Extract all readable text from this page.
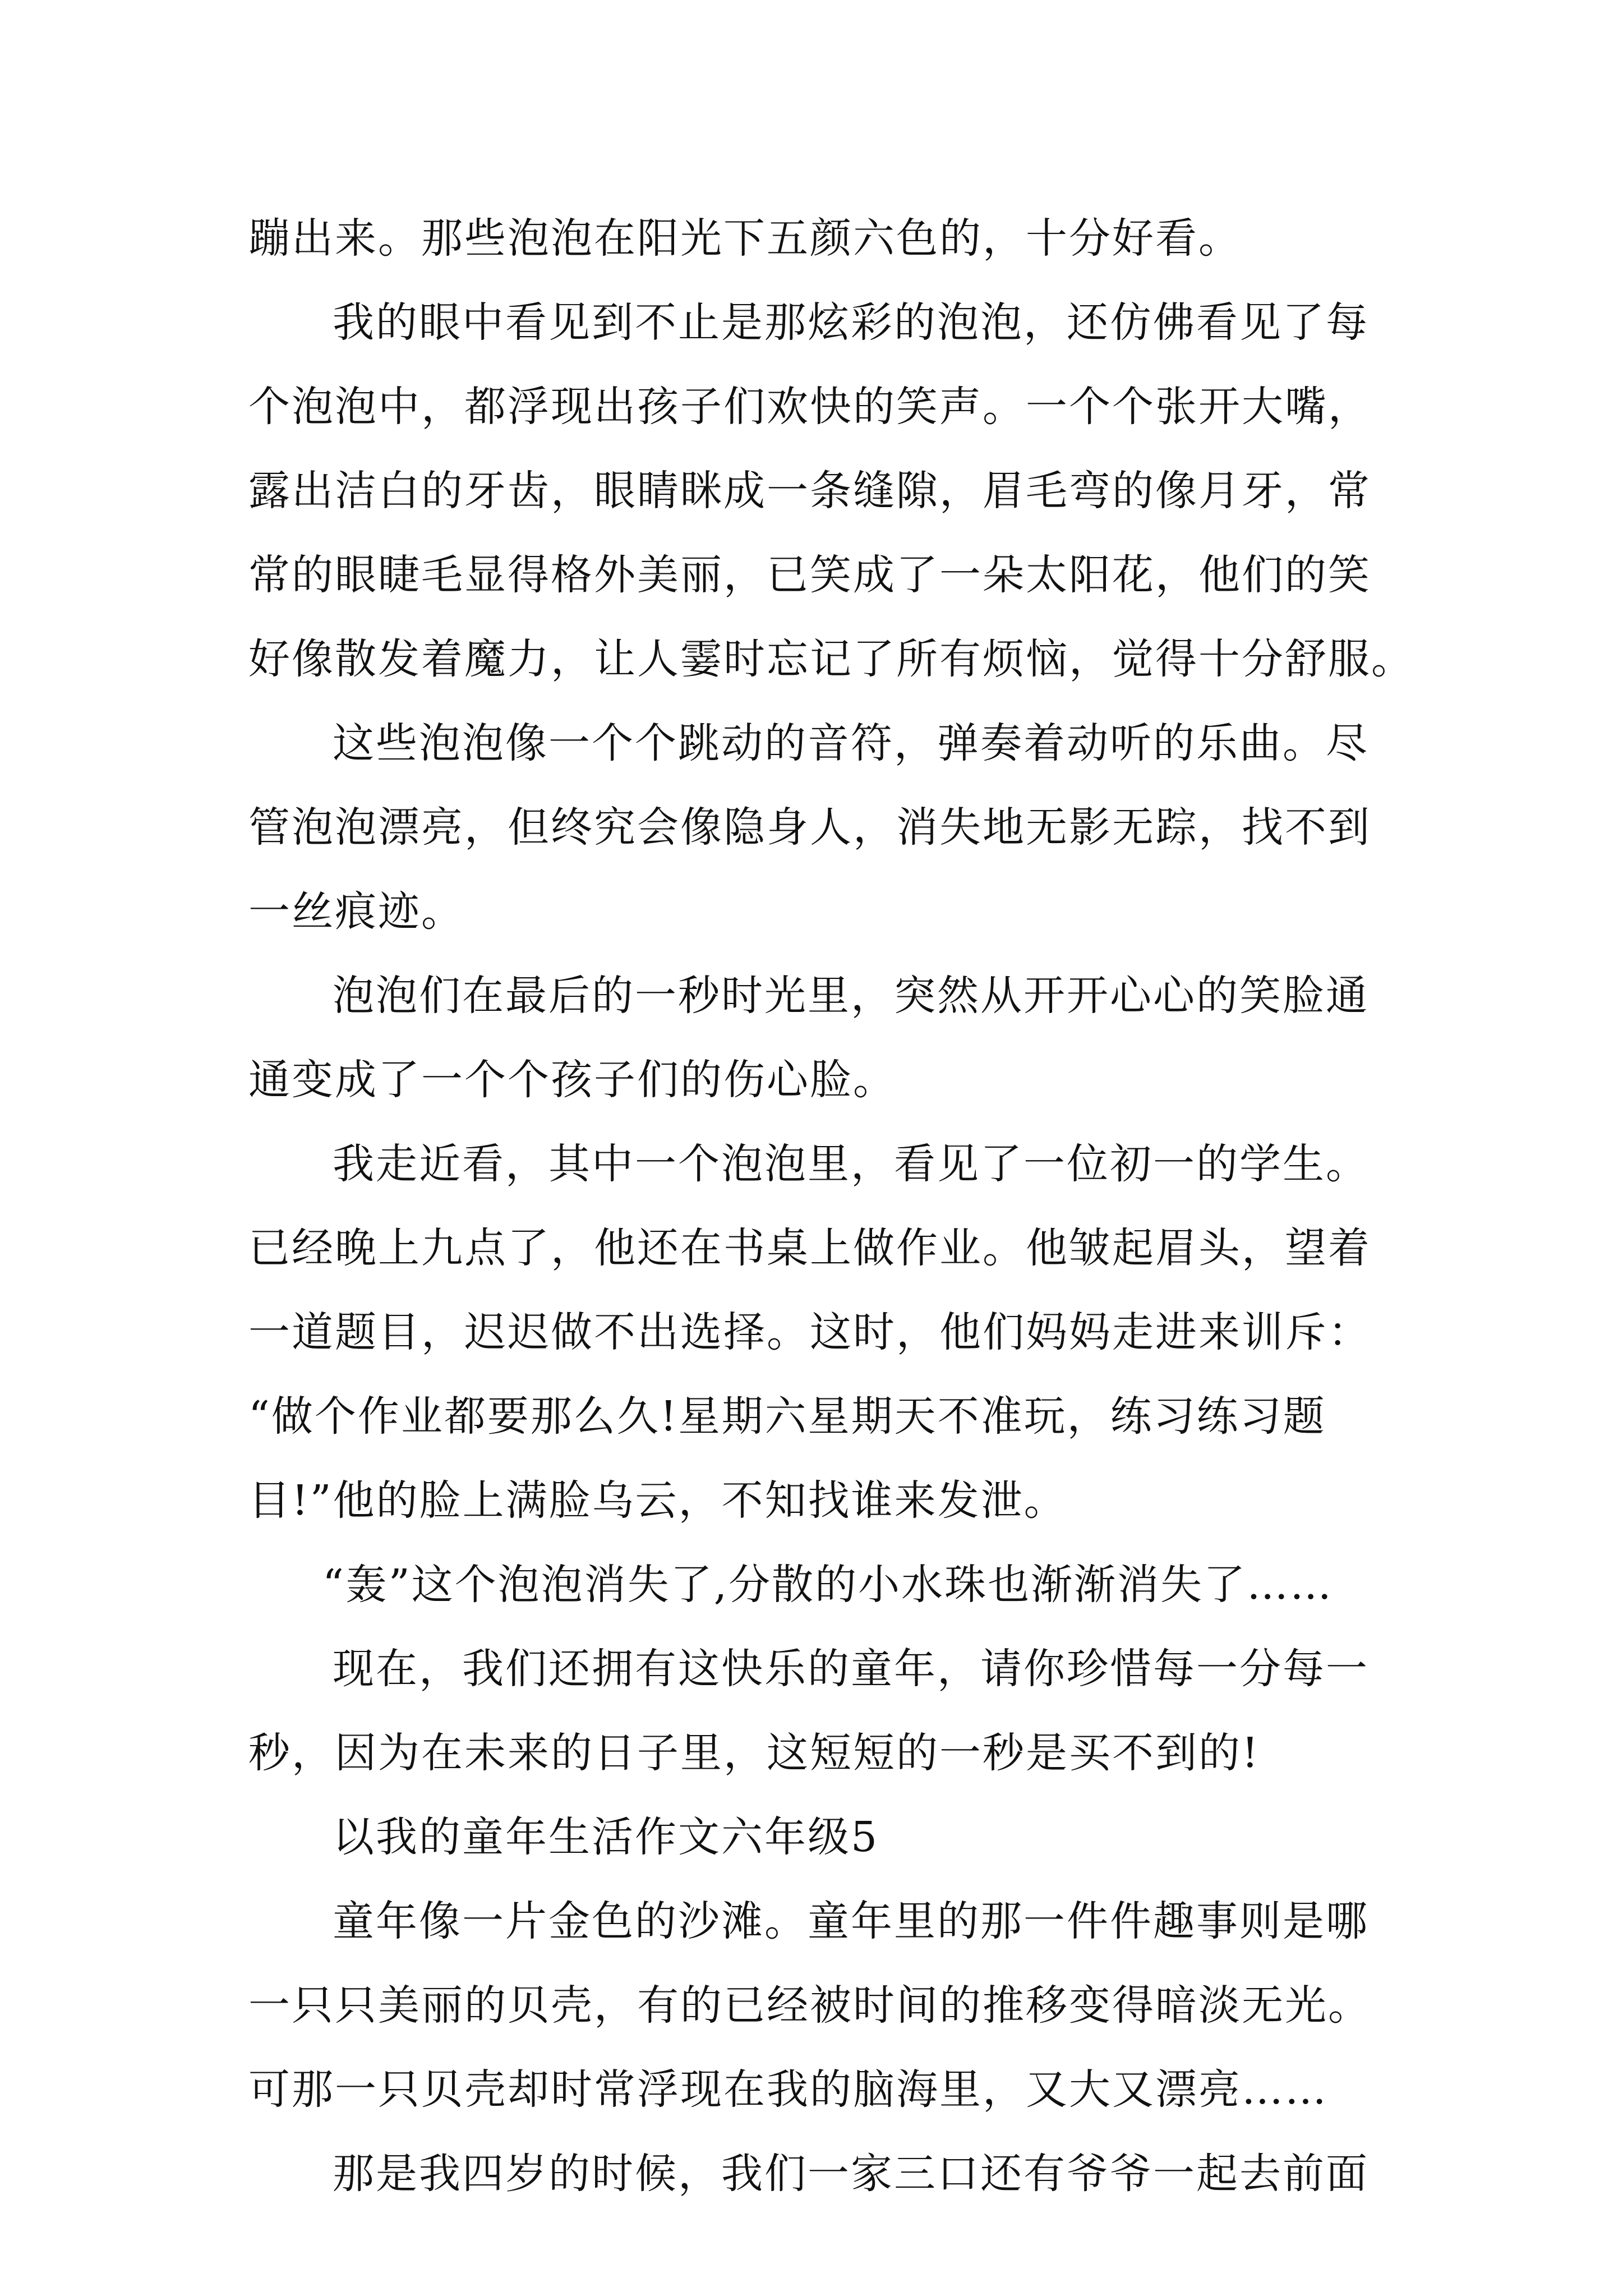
蹦出来。那些泡泡在阳光下五颜六色的，十分好看。
我的眼中看见到不止是那炫彩的泡泡，还仿佛看见了每
个泡泡中，都浮现出孩子们欢快的笑声。一个个张开大嘴，
露出洁白的牙齿，眼睛眯成一条缝隙，眉毛弯的像月牙，常
常的眼睫毛显得格外美丽，已笑成了一朵太阳花，他们的笑
好像散发着魔力，让人霎时忘记了所有烦恼，觉得十分舒服。
这些泡泡像一个个跳动的音符，弹奏着动听的乐曲。尽
管泡泡漂亮，但终究会像隐身人，消失地无影无踪，找不到
一丝痕迹。
泡泡们在最后的一秒时光里，突然从开开心心的笑脸通
通变成了一个个孩子们的伤心脸。
我走近看，其中一个泡泡里，看见了一位初一的学生。
已经晚上九点了，他还在书桌上做作业。他皱起眉头，望着
一道题目，迟迟做不出选择。这时，他们妈妈走进来训斥：
“做个作业都要那么久!星期六星期天不准玩，练习练习题
目!”他的脸上满脸乌云，不知找谁来发泄。
“轰”这个泡泡消失了,分散的小水珠也渐渐消失了……
现在，我们还拥有这快乐的童年，请你珍惜每一分每一
秒，因为在未来的日子里，这短短的一秒是买不到的!
以我的童年生活作文六年级5
童年像一片金色的沙滩。童年里的那一件件趣事则是哪
一只只美丽的贝壳，有的已经被时间的推移变得暗淡无光。
可那一只贝壳却时常浮现在我的脑海里，又大又漂亮……
那是我四岁的时候，我们一家三口还有爷爷一起去前面
